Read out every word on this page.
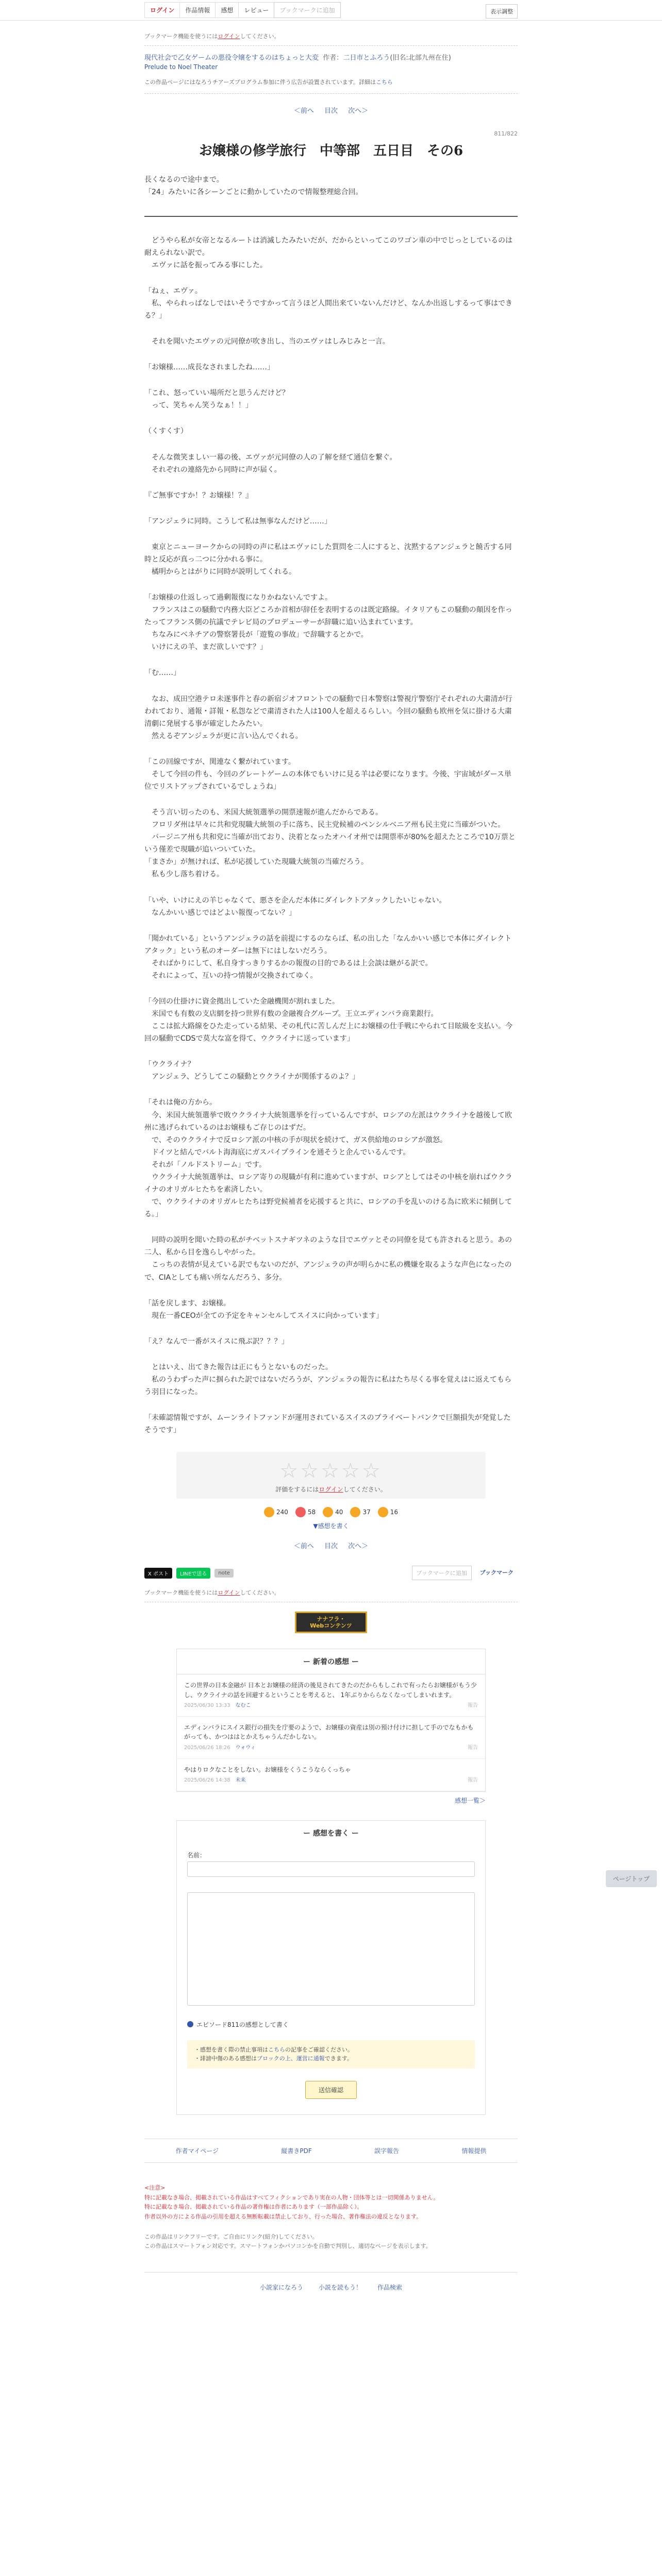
ログイン	作品情報	感想	レビュー	ブックマークに追加	表示調整
ブックマーク機能を使うにはログインしてください。
現代社会で乙女ゲームの悪役令嬢をするのはちょっと大変 作者：二日市とふろう(旧名:北部九州在住)
Prelude to Noel Theater
この作品ページにはなろうチアーズプログラム参加に伴う広告が設置されています。詳細はこちら
＜前へ 目次 次へ＞
811/822
お嬢様の修学旅行　中等部　五日目　その6
長くなるので途中まで。
「24」みたいに各シーンごとに動かしていたので情報整理総合回。

　どうやら私が女帝となるルートは消滅したみたいだが、だからといってこのワゴン車の中でじっとしているのは耐えられない訳で。
　エヴァに話を振ってみる事にした。

「ねぇ、エヴァ。
　私、やられっぱなしではいそうですかって言うほど人間出来ていないんだけど、なんか出返しするって事はできる？」

　それを聞いたエヴァの元同僚が吹き出し、当のエヴァはしみじみと一言。

「お嬢様……成長なされましたね……」

「これ、怒っていい場所だと思うんだけど？
　って、笑ちゃん笑うなぁ！！」

（くすくす）

　そんな微笑ましい一幕の後、エヴァが元同僚の人の了解を経て通信を繋ぐ。
　それぞれの連絡先から同時に声が届く。

『ご無事ですか！？お嬢様！？』

「アンジェラに同時。こうして私は無事なんだけど……」

　東京とニューヨークからの同時の声に私はエヴァにした質問を二人にすると、沈黙するアンジェラと饒舌する同時と反応が真っ二つに分かれる事に。
　橘明からとはがりに同時が説明してくれる。

「お嬢様の仕返しって過剰報復になりかねないんですよ。
　フランスはこの騒動で内務大臣どころか首相が辞任を表明するのは既定路線。イタリアもこの騒動の顛因を作ったってフランス側の抗議でテレビ局のプロデューサーが辞職に追い込まれています。
　ちなみにベネチアの警察署長が「遊覧の事故」で辞職するとかで。
　いけにえの羊、まだ欲しいです？」

「む……」

　なお、成田空港テロ未遂事件と春の新宿ジオフロントでの騒動で日本警察は警視庁警察庁それぞれの大粛清が行われており、通報・詳報・私怨などで粛清された人は100人を超えるらしい。今回の騒動も欧州を気に掛ける大粛清劇に発展する事が確定したみたい。
　然えるぞアンジェラが更に言い込んでくれる。

「この回線ですが、関連なく繋がれています。
　そして今回の件も、今回のグレートゲームの本体でもいけに見る羊は必要になります。今後、宇宙域がダース単位でリストアップされているでしょうね」

　そう言い切ったのも、米国大統領選挙の開票速報が進んだからである。
　フロリダ州は早々に共和党現職大統領の手に落ち、民主党候補のペンシルベニア州も民主党に当確がついた。
　バージニア州も共和党に当確が出ており、決着となったオハイオ州では開票率が80%を超えたところで10万票という僅差で現職が追いついていた。
「まさか」が無ければ、私が応援していた現職大統領の当確だろう。
　私も少し落ち着ける。

「いや、いけにえの羊じゃなくて、悪さを企んだ本体にダイレクトアタックしたいじゃない。
　なんかいい感じではどよい報復ってない？」

「聞かれている」というアンジェラの話を前提にするのならば、私の出した「なんかいい感じで本体にダイレクトアタック」という私のオーダーは無下にはしないだろう。
　そればかりにして、私自身すっきりするかの報復の目的であるは上会談は継がる訳で。
　それによって、互いの持つ情報が交換されてゆく。

「今回の仕掛けに資金拠出していた金融機関が割れました。
　米国でも有数の支店網を持つ世界有数の金融複合グループ。王立エディンバラ商業銀行。
　ここは拡大路線をひた走っている結果、その札代に苦しんだ上にお嬢様の仕手戦にやられて目眩級を支払い。今回の騒動でCDSで莫大な富を得て、ウクライナに送っています」

「ウクライナ？
　アンジェラ、どうしてこの騒動とウクライナが関係するのよ？」

「それは俺の方から。
　今、米国大統領選挙で敗ウクライナ大統領選挙を行っているんですが、ロシアの左派はウクライナを越後して欧州に逃げられているのはお嬢様もご存じのはずだ。
　で、そのウクライナで反ロシア派の中核の手が現状を続けて、ガス供給地のロシアが激怒。
　ドイツと結んでバルト海海底にガスパイプラインを通そうと企んでいるんです。
　それが「ノルドストリーム」です。
　ウクライナ大統領選挙は、ロシア寄りの現職が有利に進めていますが、ロシアとしてはその中核を崩ればウクライナのオリガルヒたちを素済したい。
　で、ウクライナのオリガルヒたちは野党候補者を応援すると共に、ロシアの手を乱いのける為に欧米に傾倒してる。」

　同時の説明を聞いた時の私がチベットスナギツネのような目でエヴァとその同僚を見ても許されると思う。あの二人、私から目を逸らしやがった。
　こっちの表情が見えている訳でもないのだが、アンジェラの声が明らかに私の機嫌を取るような声色になったので、CIAとしても痛い所なんだろう、多分。

「話を戻します、お嬢様。
　現在一番CEOが全ての予定をキャンセルしてスイスに向かっています」

「え？なんで一番がスイスに飛ぶ訳？？？」

　とはいえ、出てきた報告は正にもうとないものだった。
　私のうわずった声に掴られた訳ではないだろうが、アンジェラの報告に私はたち尽くる事を覚えはに返えてもらう羽目になった。

「未確認情報ですが、ムーンライトファンドが運用されているスイスのプライベートバンクで巨額損失が発覚したそうです」

☆☆☆☆☆
評価をするにはログインしてください。
240	58	40	37	16
▼感想を書く
＜前へ 目次 次へ＞
ページトップ
X ポスト	LINEで送る	note	ブックマークに追加	ブックマーク
ブックマーク機能を使うにはログインしてください。
ナナフラ・
Webコンテンツ
ー 新着の感想 ー
この世界の日本金融が 日本とお嬢様の経済の後見されてきたのだからもしこれで有ったらお嬢様がもう少し、ウクライナの話を回避するということを考えると、 1年ぶりかららなくなってしまいれます。
2025/06/30 13:33　 なむこ	報告
エディンバラにスイス銀行の損失を庁要のようで、お嬢様の資産は別の預け付けに担して手のでなもかもがっても、かつははとかえちゃうんだかしない。
2025/06/26 18:26　 ウォウィ	報告
やはりロクなことをしない。お嬢様をくうこうならくっちゃ
2025/06/26 14:38　 未来	報告
感想一覧＞
ー 感想を書く ー
名前：
エピソード811の感想として書く
・感想を書く際の禁止事項はこちらの記事をご確認ください。
・誹謗中傷のある感想はブロックの上、運営に通報できます。
送信確認
作者マイページ	縦書きPDF	誤字報告	情報提供
<注意>
特に記載なき場合、掲載されている作品はすべてフィクションであり実在の人物・団体等とは一切関係ありません。
特に記載なき場合、掲載されている作品の著作権は作者にあります（一部作品除く）。
作者以外の方による作品の引用を超える無断転載は禁止しており、行った場合、著作権法の違反となります。
この作品はリンクフリーです。ご自由にリンク(紹介)してください。
この作品はスマートフォン対応です。スマートフォンかパソコンかを自動で判別し、適切なページを表示します。
小説家になろう	小説を読もう！	作品検索
